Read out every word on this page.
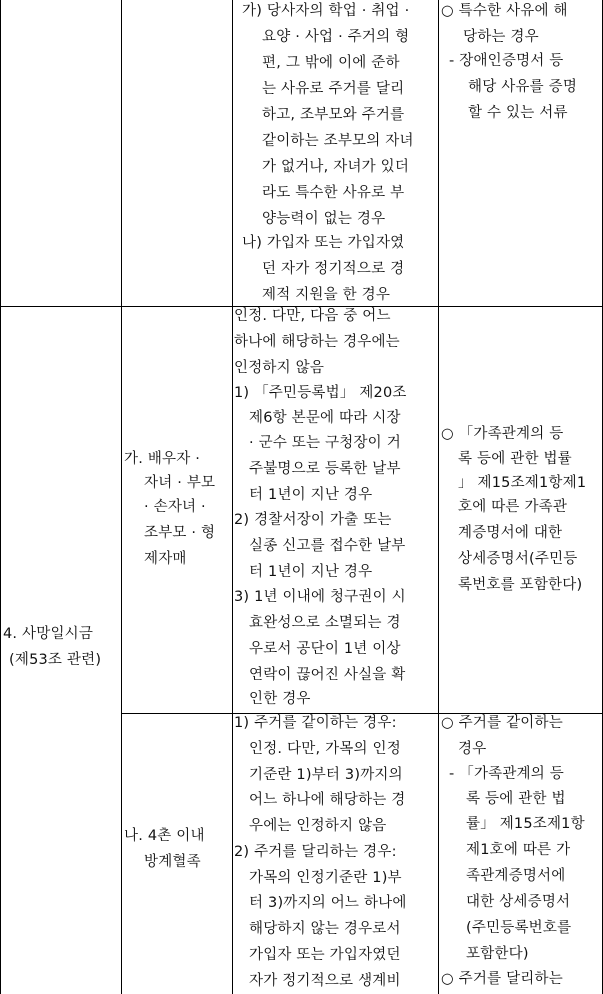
가) 당사자의 학업 · 취업 ·
요양 · 사업 · 주거의 형
편, 그 밖에 이에 준하
는 사유로 주거를 달리
하고, 조부모와 주거를
같이하는 조부모의 자녀
가 없거나, 자녀가 있더
라도 특수한 사유로 부
양능력이 없는 경우
나) 가입자 또는 가입자였
던 자가 정기적으로 경
제적 지원을 한 경우
○ 특수한 사유에 해
당하는 경우
- 장애인증명서 등
해당 사유를 증명
할 수 있는 서류
4. 사망일시금
(제53조 관련)
가. 배우자 ·
자녀 · 부모
· 손자녀 ·
조부모 · 형
제자매
인정. 다만, 다음 중 어느
하나에 해당하는 경우에는
인정하지 않음
1) 「주민등록법」 제20조
제6항 본문에 따라 시장
· 군수 또는 구청장이 거
주불명으로 등록한 날부
터 1년이 지난 경우
2) 경찰서장이 가출 또는
실종 신고를 접수한 날부
터 1년이 지난 경우
3) 1년 이내에 청구권이 시
효완성으로 소멸되는 경
우로서 공단이 1년 이상
연락이 끊어진 사실을 확
인한 경우
○ 「가족관계의 등
록 등에 관한 법률
」 제15조제1항제1
호에 따른 가족관
계증명서에 대한
상세증명서(주민등
록번호를 포함한다)
나. 4촌 이내
방계혈족
1) 주거를 같이하는 경우:
인정. 다만, 가목의 인정
기준란 1)부터 3)까지의
어느 하나에 해당하는 경
우에는 인정하지 않음
2) 주거를 달리하는 경우:
가목의 인정기준란 1)부
터 3)까지의 어느 하나에
해당하지 않는 경우로서
가입자 또는 가입자였던
자가 정기적으로 생계비
○ 주거를 같이하는
경우
- 「가족관계의 등
록 등에 관한 법
률」 제15조제1항
제1호에 따른 가
족관계증명서에
대한 상세증명서
(주민등록번호를
포함한다)
○ 주거를 달리하는
